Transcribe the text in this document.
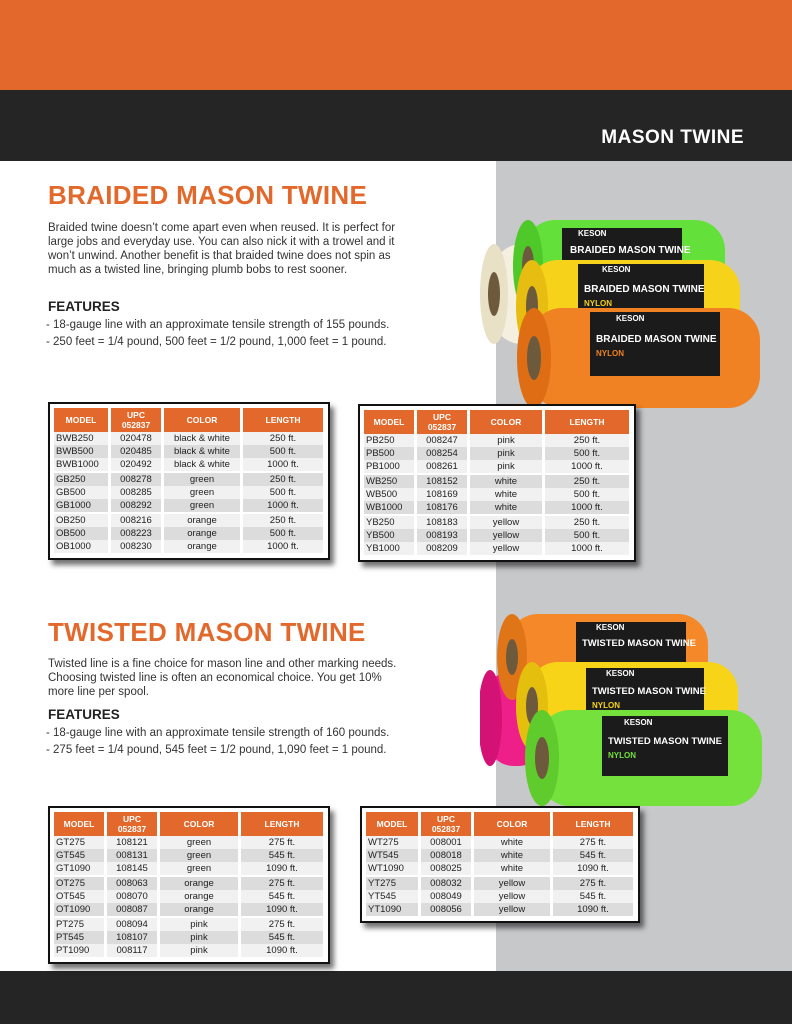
MASON TWINE
BRAIDED MASON TWINE

Braided twine doesn’t come apart even when reused. It is perfect for large jobs and everyday use. You can also nick it with a trowel and it won’t unwind. Another benefit is that braided twine does not spin as much as a twisted line, bringing plumb bobs to rest sooner.

FEATURES
- 18-gauge line with an approximate tensile strength of 155 pounds.
- 250 feet = 1/4 pound, 500 feet = 1/2 pound, 1,000 feet = 1 pound.
KESON
BRAIDED MASON TWINE
KESON
BRAIDED MASON TWINE
NYLON
KESON
BRAIDED MASON TWINE
NYLON
MODEL	UPC 052837	COLOR	LENGTH
BWB250	020478	black & white	250 ft.
BWB500	020485	black & white	500 ft.
BWB1000	020492	black & white	1000 ft.
GB250	008278	green	250 ft.
GB500	008285	green	500 ft.
GB1000	008292	green	1000 ft.
OB250	008216	orange	250 ft.
OB500	008223	orange	500 ft.
OB1000	008230	orange	1000 ft.
MODEL	UPC 052837	COLOR	LENGTH
PB250	008247	pink	250 ft.
PB500	008254	pink	500 ft.
PB1000	008261	pink	1000 ft.
WB250	108152	white	250 ft.
WB500	108169	white	500 ft.
WB1000	108176	white	1000 ft.
YB250	108183	yellow	250 ft.
YB500	008193	yellow	500 ft.
YB1000	008209	yellow	1000 ft.
TWISTED MASON TWINE

Twisted line is a fine choice for mason line and other marking needs. Choosing twisted line is often an economical choice. You get 10% more line per spool.

FEATURES
- 18-gauge line with an approximate tensile strength of 160 pounds.
- 275 feet = 1/4 pound, 545 feet = 1/2 pound, 1,090 feet = 1 pound.
KESON
TWISTED MASON TWINE
KESON
TWISTED MASON TWINE
NYLON
KESON
TWISTED MASON TWINE
NYLON
MODEL	UPC 052837	COLOR	LENGTH
GT275	108121	green	275 ft.
GT545	008131	green	545 ft.
GT1090	108145	green	1090 ft.
OT275	008063	orange	275 ft.
OT545	008070	orange	545 ft.
OT1090	008087	orange	1090 ft.
PT275	008094	pink	275 ft.
PT545	108107	pink	545 ft.
PT1090	008117	pink	1090 ft.
MODEL	UPC 052837	COLOR	LENGTH
WT275	008001	white	275 ft.
WT545	008018	white	545 ft.
WT1090	008025	white	1090 ft.
YT275	008032	yellow	275 ft.
YT545	008049	yellow	545 ft.
YT1090	008056	yellow	1090 ft.
